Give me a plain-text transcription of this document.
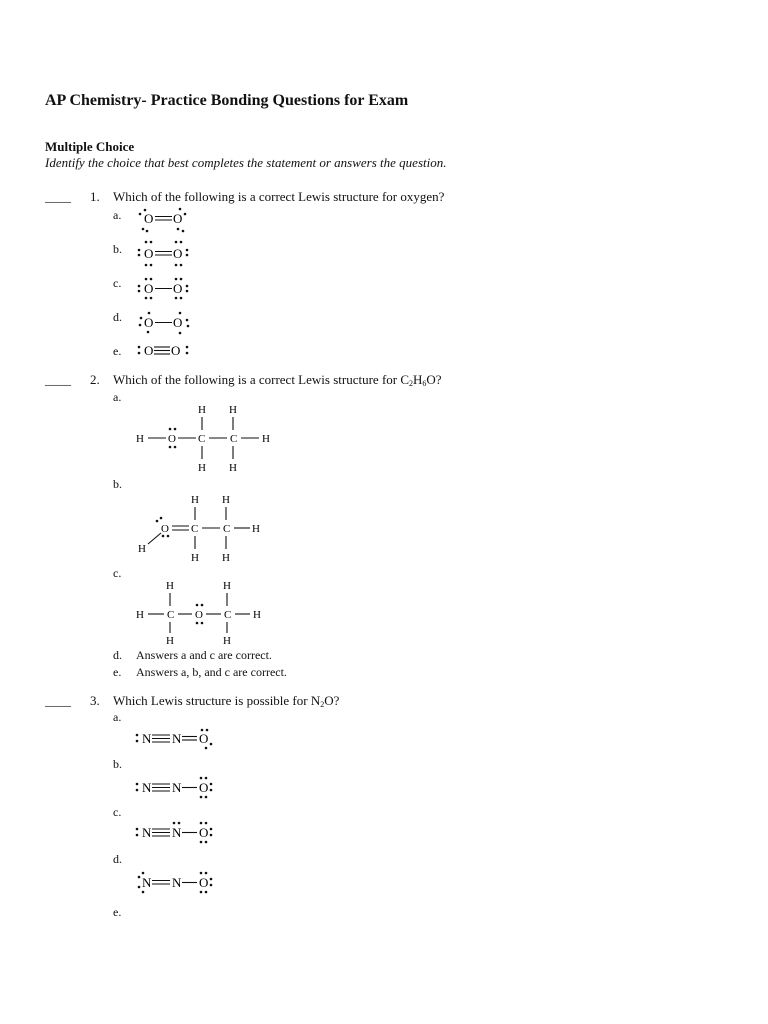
AP Chemistry- Practice Bonding Questions for Exam
Multiple Choice
Identify the choice that best completes the statement or answers the question.
____ 1. Which of the following is a correct Lewis structure for oxygen?
a. O O
b. O O
c. O O
d. O O
e. O O
____ 2. Which of the following is a correct Lewis structure for $C_2H_6O$?
a.
H H
H O C C H
H H
b.
H H
O C C H
H
H H
c.
H	H
H C O C H
H	H
d. Answers a and c are correct.
e. Answers a, b, and c are correct.
____ 3. Which Lewis structure is possible for $N_2O$?
a.
N N O
b.
N N O
c.
N N O
d.
N N O
e.
